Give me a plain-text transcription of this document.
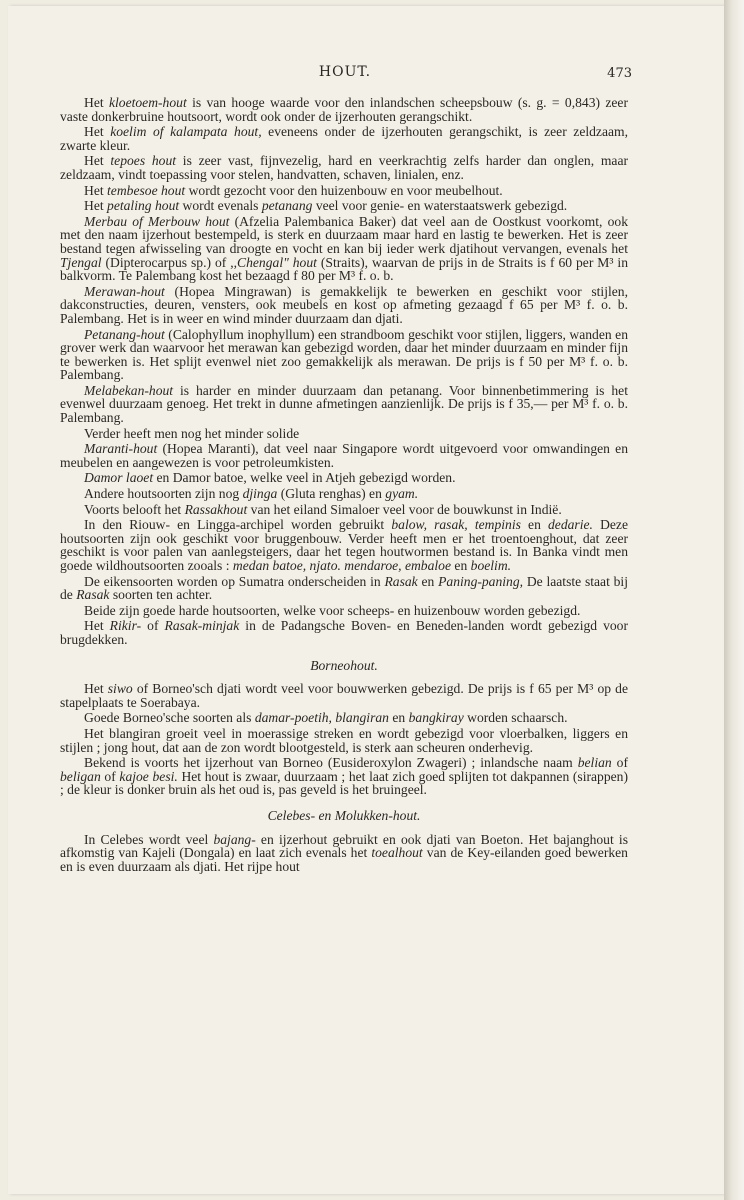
HOUT.	473

Het kloetoem-hout is van hooge waarde voor den inlandschen scheepsbouw (s. g. = 0,843) zeer vaste donkerbruine houtsoort, wordt ook onder de ijzerhouten gerangschikt.

Het koelim of kalampata hout, eveneens onder de ijzerhouten gerangschikt, is zeer zeldzaam, zwarte kleur.

Het tepoes hout is zeer vast, fijnvezelig, hard en veerkrachtig zelfs harder dan onglen, maar zeldzaam, vindt toepassing voor stelen, handvatten, schaven, linialen, enz.

Het tembesoe hout wordt gezocht voor den huizenbouw en voor meubelhout.

Het petaling hout wordt evenals petanang veel voor genie- en waterstaatswerk gebezigd.

Merbau of Merbouw hout (Afzelia Palembanica Baker) dat veel aan de Oostkust voorkomt, ook met den naam ijzerhout bestempeld, is sterk en duurzaam maar hard en lastig te bewerken. Het is zeer bestand tegen afwisseling van droogte en vocht en kan bij ieder werk djatihout vervangen, evenals het Tjengal (Dipterocarpus sp.) of ,,Chengal" hout (Straits), waarvan de prijs in de Straits is f 60 per M³ in balkvorm. Te Palembang kost het bezaagd f 80 per M³ f. o. b.

Merawan-hout (Hopea Mingrawan) is gemakkelijk te bewerken en geschikt voor stijlen, dakconstructies, deuren, vensters, ook meubels en kost op afmeting gezaagd f 65 per M³ f. o. b. Palembang. Het is in weer en wind minder duurzaam dan djati.

Petanang-hout (Calophyllum inophyllum) een strandboom geschikt voor stijlen, liggers, wanden en grover werk dan waarvoor het merawan kan gebezigd worden, daar het minder duurzaam en minder fijn te bewerken is. Het splijt evenwel niet zoo gemakkelijk als merawan. De prijs is f 50 per M³ f. o. b. Palembang.

Melabekan-hout is harder en minder duurzaam dan petanang. Voor binnenbetimmering is het evenwel duurzaam genoeg. Het trekt in dunne afmetingen aanzienlijk. De prijs is f 35,— per M³ f. o. b. Palembang.

Verder heeft men nog het minder solide

Maranti-hout (Hopea Maranti), dat veel naar Singapore wordt uitgevoerd voor omwandingen en meubelen en aangewezen is voor petroleumkisten.

Damor laoet en Damor batoe, welke veel in Atjeh gebezigd worden.

Andere houtsoorten zijn nog djinga (Gluta renghas) en gyam.

Voorts belooft het Rassakhout van het eiland Simaloer veel voor de bouwkunst in Indië.

In den Riouw- en Lingga-archipel worden gebruikt balow, rasak, tempinis en dedarie. Deze houtsoorten zijn ook geschikt voor bruggenbouw. Verder heeft men er het troentoenghout, dat zeer geschikt is voor palen van aanlegsteigers, daar het tegen houtwormen bestand is. In Banka vindt men goede wildhoutsoorten zooals : medan batoe, njato. mendaroe, embaloe en boelim.

De eikensoorten worden op Sumatra onderscheiden in Rasak en Paning-paning, De laatste staat bij de Rasak soorten ten achter.

Beide zijn goede harde houtsoorten, welke voor scheeps- en huizenbouw worden gebezigd.

Het Rikir- of Rasak-minjak in de Padangsche Boven- en Beneden-landen wordt gebezigd voor brugdekken.

Borneohout.

Het siwo of Borneo'sch djati wordt veel voor bouwwerken gebezigd. De prijs is f 65 per M³ op de stapelplaats te Soerabaya.

Goede Borneo'sche soorten als damar-poetih, blangiran en bangkiray worden schaarsch.

Het blangiran groeit veel in moerassige streken en wordt gebezigd voor vloerbalken, liggers en stijlen ; jong hout, dat aan de zon wordt blootgesteld, is sterk aan scheuren onderhevig.

Bekend is voorts het ijzerhout van Borneo (Eusideroxylon Zwageri) ; inlandsche naam belian of beligan of kajoe besi. Het hout is zwaar, duurzaam ; het laat zich goed splijten tot dakpannen (sirappen) ; de kleur is donker bruin als het oud is, pas geveld is het bruingeel.

Celebes- en Molukken-hout.

In Celebes wordt veel bajang- en ijzerhout gebruikt en ook djati van Boeton. Het bajanghout is afkomstig van Kajeli (Dongala) en laat zich evenals het toealhout van de Key-eilanden goed bewerken en is even duurzaam als djati. Het rijpe hout
